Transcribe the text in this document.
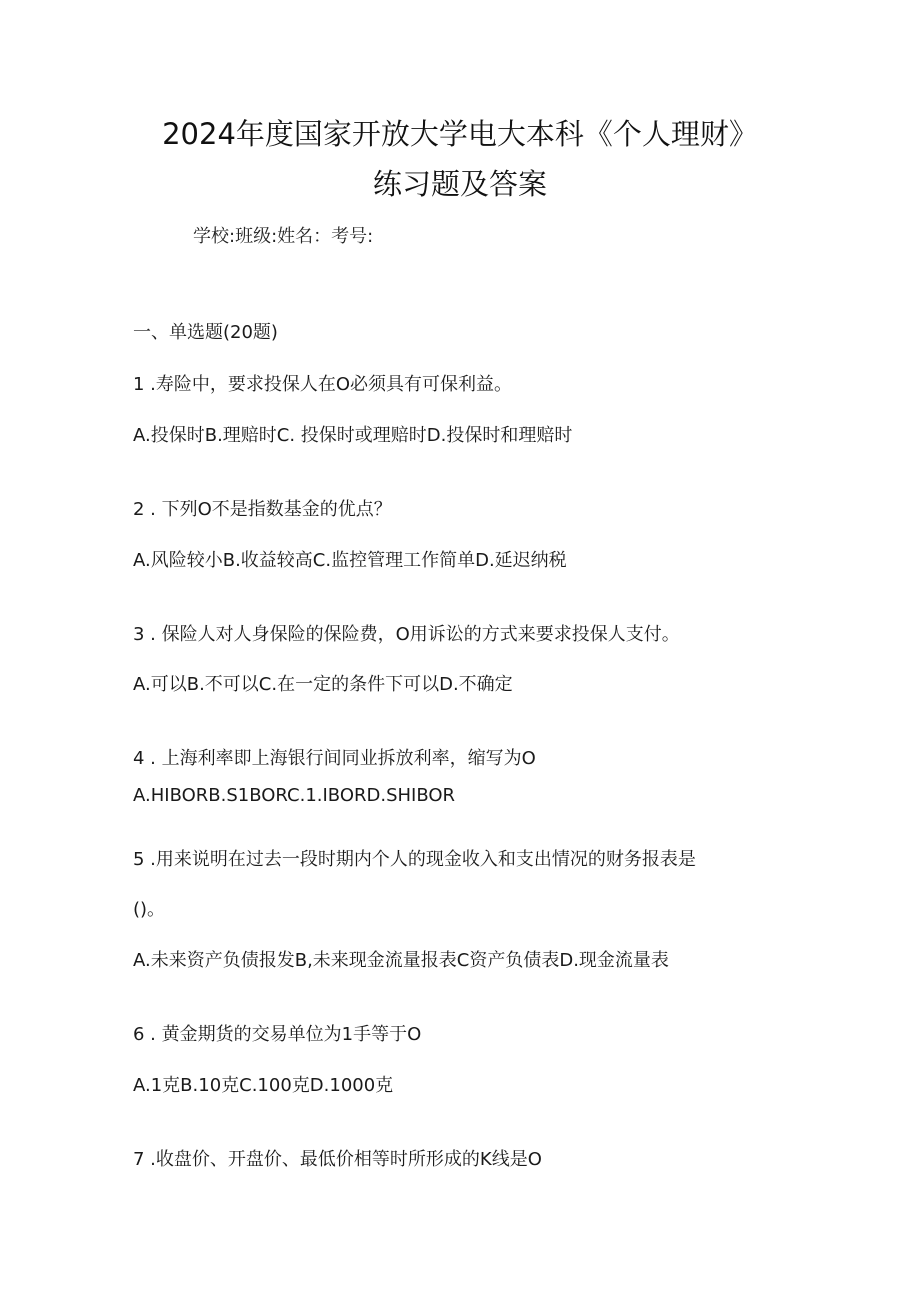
2024年度国家开放大学电大本科《个人理财》
练习题及答案
学校:班级:姓名：考号:
一、单选题(20题)
1 .寿险中，要求投保人在O必须具有可保利益。
A.投保时B.理赔时C. 投保时或理赔时D.投保时和理赔时
2 . 下列O不是指数基金的优点？
A.风险较小B.收益较高C.监控管理工作简单D.延迟纳税
3 . 保险人对人身保险的保险费，O用诉讼的方式来要求投保人支付。
A.可以B.不可以C.在一定的条件下可以D.不确定
4 . 上海利率即上海银行间同业拆放利率，缩写为O
A.HIBORB.S1BORC.1.IBORD.SHIBOR
5 .用来说明在过去一段时期内个人的现金收入和支出情况的财务报表是
()。
A.未来资产负债报发B,未来现金流量报表C资产负债表D.现金流量表
6 . 黄金期货的交易单位为1手等于O
A.1克B.10克C.100克D.1000克
7 .收盘价、开盘价、最低价相等时所形成的K线是O
